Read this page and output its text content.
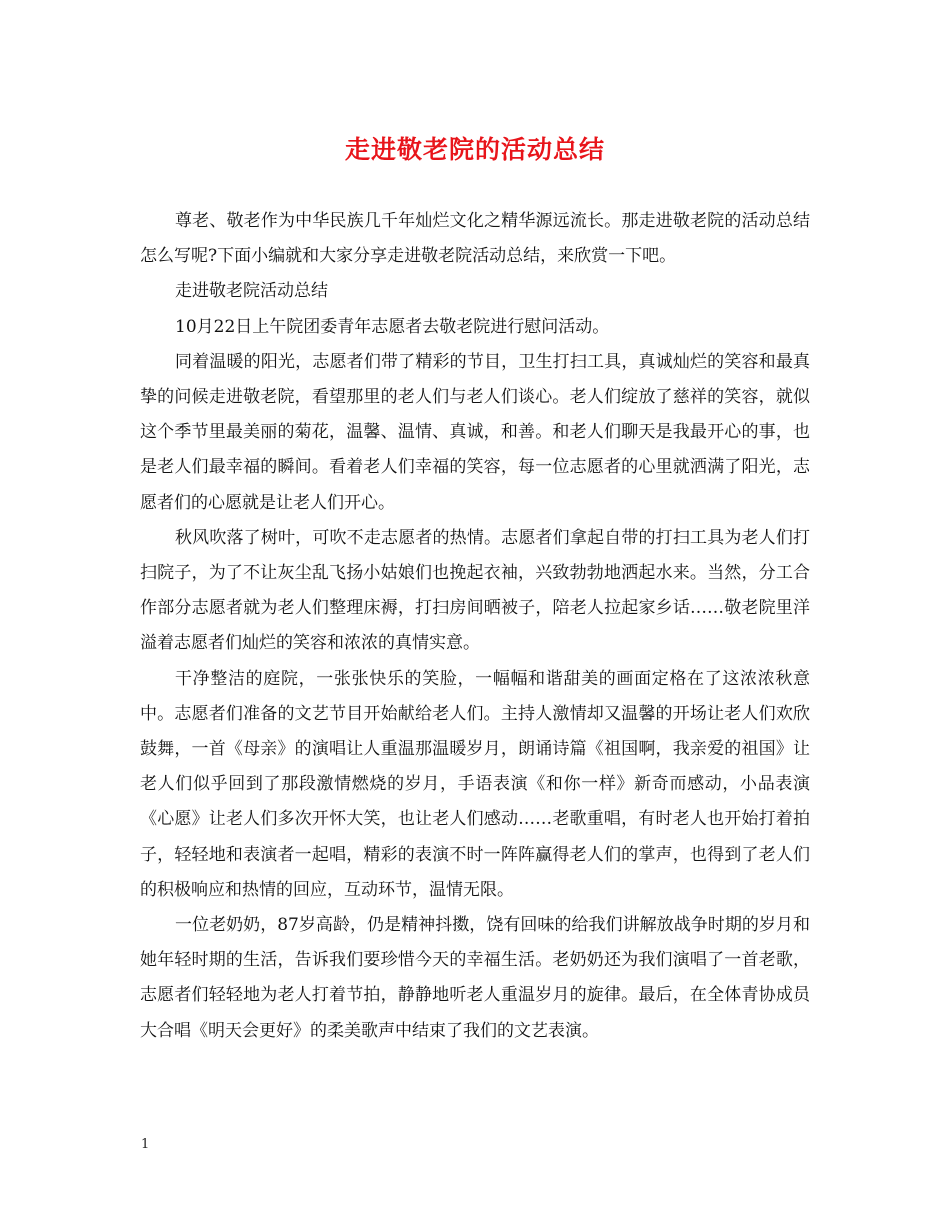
走进敬老院的活动总结

尊老、敬老作为中华民族几千年灿烂文化之精华源远流长。那走进敬老院的活动总结怎么写呢?下面小编就和大家分享走进敬老院活动总结，来欣赏一下吧。

走进敬老院活动总结

10月22日上午院团委青年志愿者去敬老院进行慰问活动。

同着温暖的阳光，志愿者们带了精彩的节目，卫生打扫工具，真诚灿烂的笑容和最真挚的问候走进敬老院，看望那里的老人们与老人们谈心。老人们绽放了慈祥的笑容，就似这个季节里最美丽的菊花，温馨、温情、真诚，和善。和老人们聊天是我最开心的事，也是老人们最幸福的瞬间。看着老人们幸福的笑容，每一位志愿者的心里就洒满了阳光，志愿者们的心愿就是让老人们开心。

秋风吹落了树叶，可吹不走志愿者的热情。志愿者们拿起自带的打扫工具为老人们打扫院子，为了不让灰尘乱飞扬小姑娘们也挽起衣袖，兴致勃勃地洒起水来。当然，分工合作部分志愿者就为老人们整理床褥，打扫房间晒被子，陪老人拉起家乡话……敬老院里洋溢着志愿者们灿烂的笑容和浓浓的真情实意。

干净整洁的庭院，一张张快乐的笑脸，一幅幅和谐甜美的画面定格在了这浓浓秋意中。志愿者们准备的文艺节目开始献给老人们。主持人激情却又温馨的开场让老人们欢欣鼓舞，一首《母亲》的演唱让人重温那温暖岁月，朗诵诗篇《祖国啊，我亲爱的祖国》让老人们似乎回到了那段激情燃烧的岁月，手语表演《和你一样》新奇而感动，小品表演《心愿》让老人们多次开怀大笑，也让老人们感动……老歌重唱，有时老人也开始打着拍子，轻轻地和表演者一起唱，精彩的表演不时一阵阵赢得老人们的掌声，也得到了老人们的积极响应和热情的回应，互动环节，温情无限。

一位老奶奶，87岁高龄，仍是精神抖擞，饶有回味的给我们讲解放战争时期的岁月和她年轻时期的生活，告诉我们要珍惜今天的幸福生活。老奶奶还为我们演唱了一首老歌，志愿者们轻轻地为老人打着节拍，静静地听老人重温岁月的旋律。最后，在全体青协成员大合唱《明天会更好》的柔美歌声中结束了我们的文艺表演。

1
